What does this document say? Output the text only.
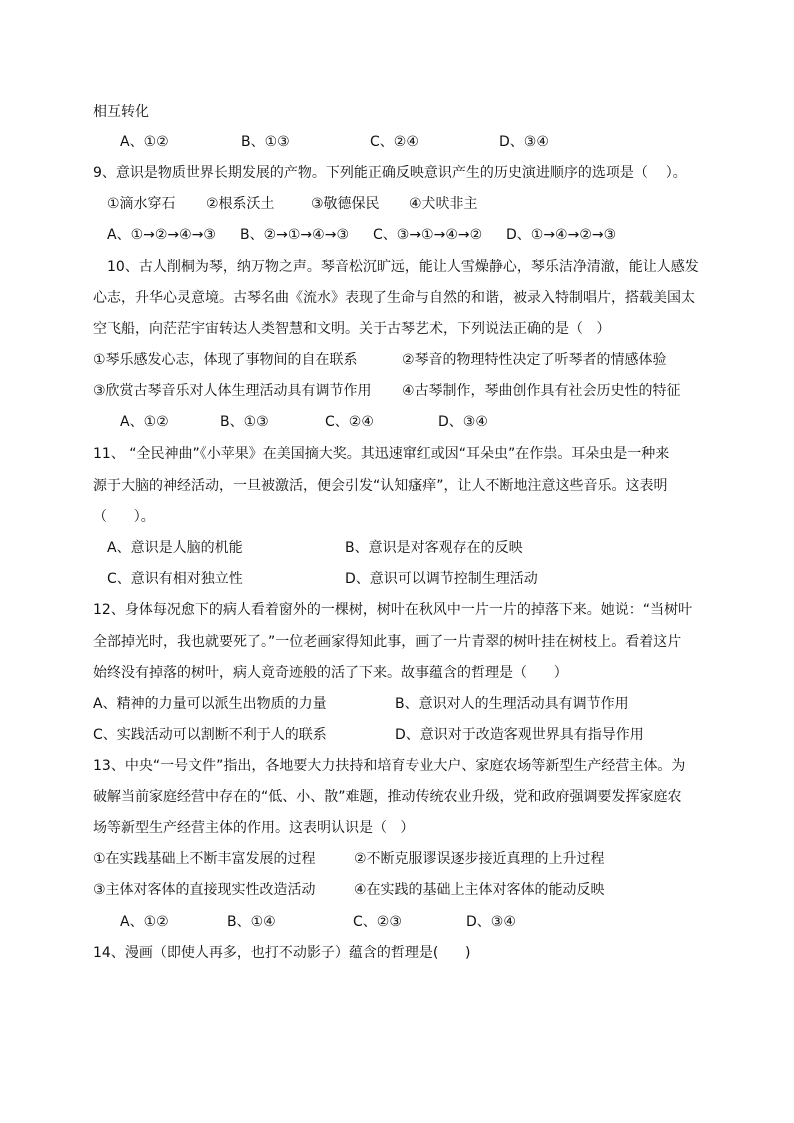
相互转化
A、①②	B、①③	C、②④	D、③④
9、意识是物质世界长期发展的产物。下列能正确反映意识产生的历史演进顺序的选项是（    ）。
①滴水穿石 ②根系沃土	③敬德保民 ④犬吠非主
A、①→②→④→③ B、②→①→④→③ C、③→①→④→② D、①→④→②→③
10、古人削桐为琴，纳万物之声。琴音松沉旷远，能让人雪燥静心，琴乐洁净清澈，能让人感发
心志，升华心灵意境。古琴名曲《流水》表现了生命与自然的和谐，被录入特制唱片，搭载美国太
空飞船，向茫茫宇宙转达人类智慧和文明。关于古琴艺术，下列说法正确的是（   ）
①琴乐感发心志，体现了事物间的自在联系	②琴音的物理特性决定了听琴者的情感体验
③欣赏古琴音乐对人体生理活动具有调节作用 ④古琴制作，琴曲创作具有社会历史性的特征
A、①②	B、①③	C、②④	D、③④
11、 “全民神曲”《小苹果》在美国摘大奖。其迅速窜红或因“耳朵虫”在作祟。耳朵虫是一种来
源于大脑的神经活动，一旦被激活，便会引发“认知瘙痒”，让人不断地注意这些音乐。这表明
（      ）。
A、意识是人脑的机能	B、意识是对客观存在的反映
C、意识有相对独立性	D、意识可以调节控制生理活动
12、身体每况愈下的病人看着窗外的一棵树，树叶在秋风中一片一片的掉落下来。她说：“当树叶
全部掉光时，我也就要死了。”一位老画家得知此事，画了一片青翠的树叶挂在树枝上。看着这片
始终没有掉落的树叶，病人竟奇迹般的活了下来。故事蕴含的哲理是（      ）
A、精神的力量可以派生出物质的力量	B、意识对人的生理活动具有调节作用
C、实践活动可以割断不利于人的联系	D、意识对于改造客观世界具有指导作用
13、中央“一号文件”指出，各地要大力扶持和培育专业大户、家庭农场等新型生产经营主体。为
破解当前家庭经营中存在的“低、小、散”难题，推动传统农业升级，党和政府强调要发挥家庭农
场等新型生产经营主体的作用。这表明认识是（   ）
①在实践基础上不断丰富发展的过程	②不断克服谬误逐步接近真理的上升过程
③主体对客体的直接现实性改造活动	④在实践的基础上主体对客体的能动反映
A、①②	B、①④	C、②③	D、③④
14、漫画（即使人再多，也打不动影子）蕴含的哲理是(      )
